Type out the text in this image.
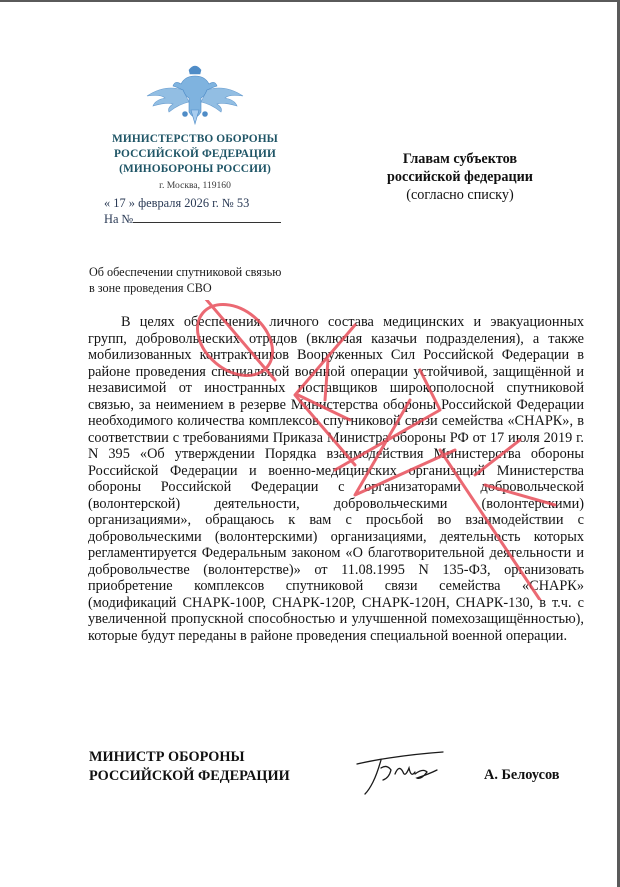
МИНИСТЕРСТВО ОБОРОНЫ
РОССИЙСКОЙ ФЕДЕРАЦИИ
(МИНОБОРОНЫ РОССИИ)
г. Москва, 119160
« 17 » февраля 2026 г. № 53
На №
Главам субъектов
российской федерации
(согласно списку)
Об обеспечении спутниковой связью
в зоне проведения СВО

В целях обеспечения личного состава медицинских и эвакуационных групп, добровольческих отрядов (включая казачьи подразделения), а также мобилизованных контрактников Вооруженных Сил Российской Федерации в районе проведения специальной военной операции устойчивой, защищённой и независимой от иностранных поставщиков широкополосной спутниковой связью, за неимением в резерве Министерства обороны Российской Федерации необходимого количества комплексов спутниковой связи семейства «СНАРК», в соответствии с требованиями Приказа Министра обороны РФ от 17 июля 2019 г. N 395 «Об утверждении Порядка взаимодействия Министерства обороны Российской Федерации и военно-медицинских организаций Министерства обороны Российской Федерации с организаторами добровольческой (волонтерской) деятельности, добровольческими (волонтерскими) организациями», обращаюсь к вам с просьбой во взаимодействии с добровольческими (волонтерскими) организациями, деятельность которых регламентируется Федеральным законом «О благотворительной деятельности и добровольчестве (волонтерстве)» от 11.08.1995 N 135-ФЗ, организовать приобретение комплексов спутниковой связи семейства «СНАРК» (модификаций СНАРК-100Р, СНАРК-120Р, СНАРК-120Н, СНАРК-130, в т.ч. с увеличенной пропускной способностью и улучшенной помехозащищённостью), которые будут переданы в районе проведения специальной военной операции.

МИНИСТР ОБОРОНЫ
РОССИЙСКОЙ ФЕДЕРАЦИИ	А. Белоусов
